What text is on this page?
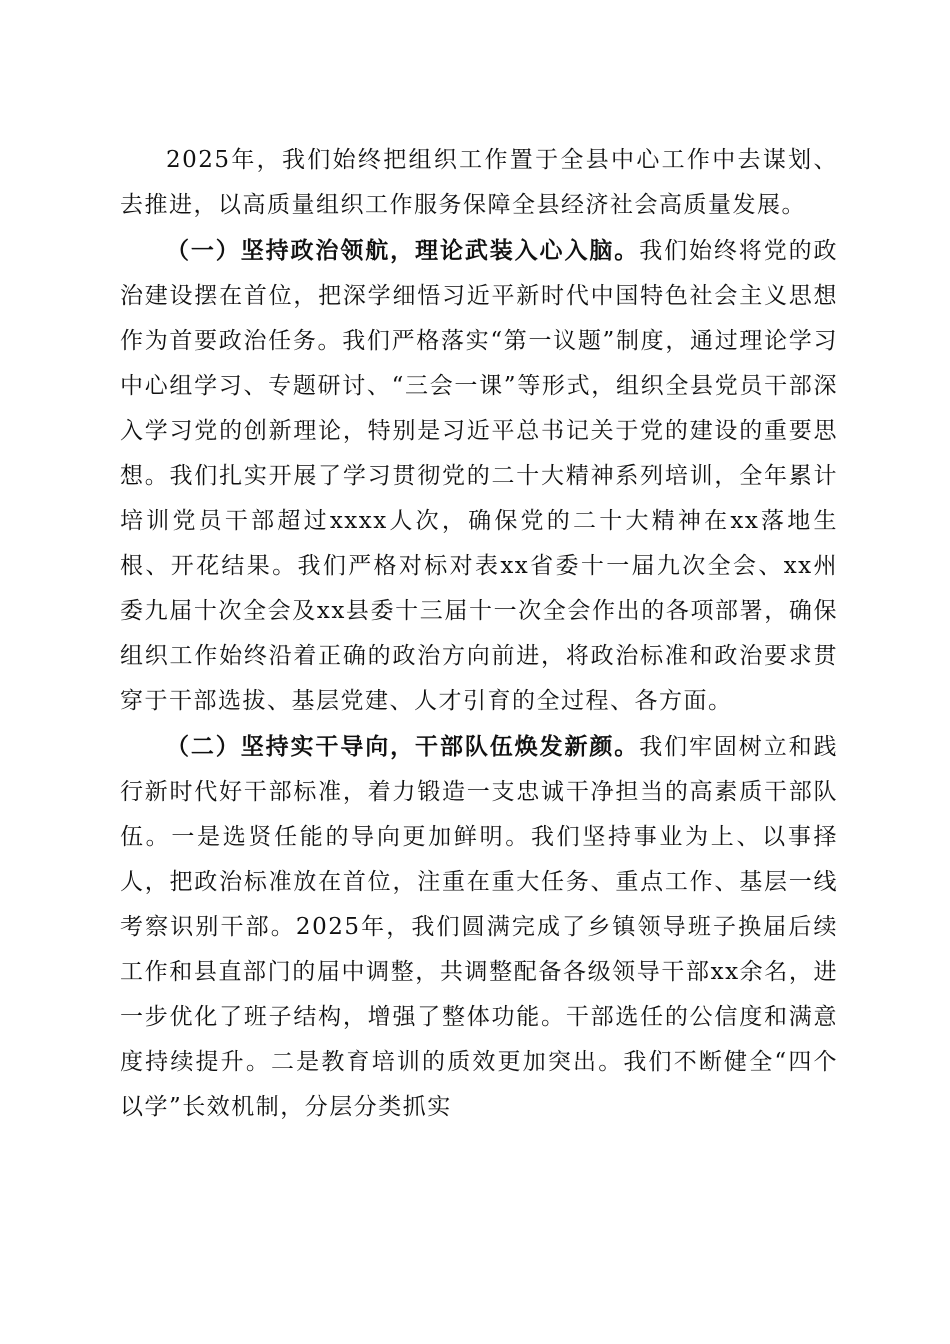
2025年，我们始终把组织工作置于全县中心工作中去谋划、去推进，以高质量组织工作服务保障全县经济社会高质量发展。

（一）坚持政治领航，理论武装入心入脑。我们始终将党的政治建设摆在首位，把深学细悟习近平新时代中国特色社会主义思想作为首要政治任务。我们严格落实“第一议题”制度，通过理论学习中心组学习、专题研讨、“三会一课”等形式，组织全县党员干部深入学习党的创新理论，特别是习近平总书记关于党的建设的重要思想。我们扎实开展了学习贯彻党的二十大精神系列培训，全年累计培训党员干部超过xxxx人次，确保党的二十大精神在xx落地生根、开花结果。我们严格对标对表xx省委十一届九次全会、xx州委九届十次全会及xx县委十三届十一次全会作出的各项部署，确保组织工作始终沿着正确的政治方向前进，将政治标准和政治要求贯穿于干部选拔、基层党建、人才引育的全过程、各方面。

（二）坚持实干导向，干部队伍焕发新颜。我们牢固树立和践行新时代好干部标准，着力锻造一支忠诚干净担当的高素质干部队伍。一是选贤任能的导向更加鲜明。我们坚持事业为上、以事择人，把政治标准放在首位，注重在重大任务、重点工作、基层一线考察识别干部。2025年，我们圆满完成了乡镇领导班子换届后续工作和县直部门的届中调整，共调整配备各级领导干部xx余名，进一步优化了班子结构，增强了整体功能。干部选任的公信度和满意度持续提升。二是教育培训的质效更加突出。我们不断健全“四个以学”长效机制，分层分类抓实
